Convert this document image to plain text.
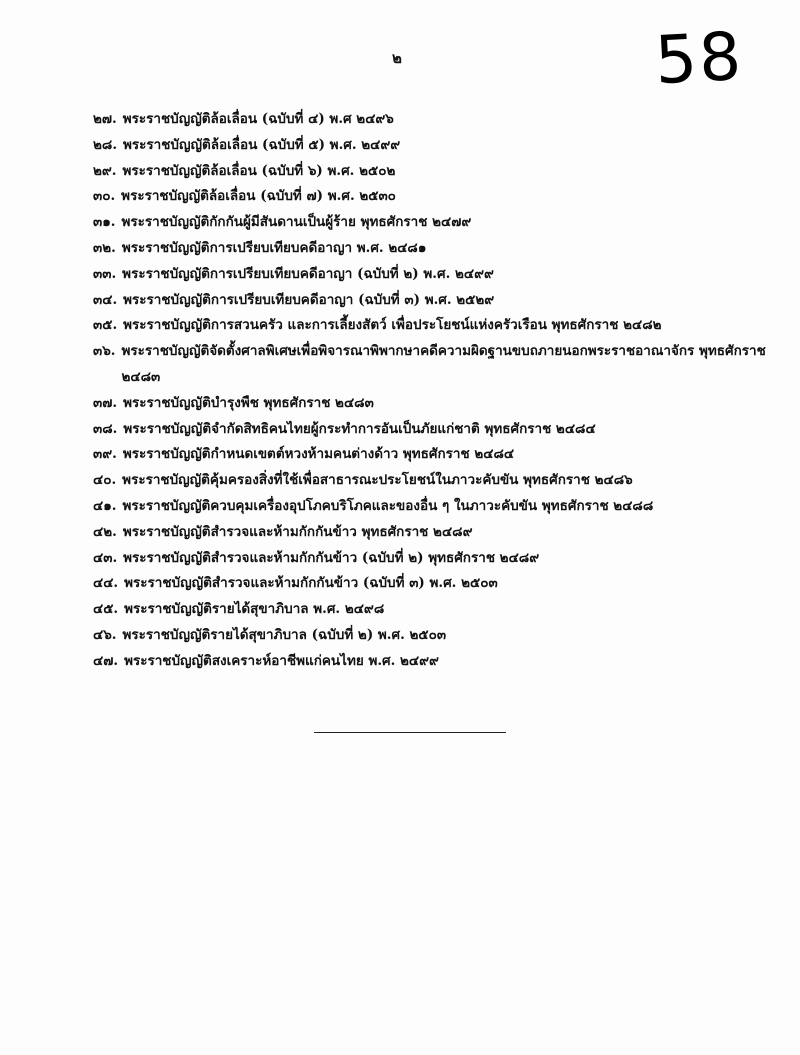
๒	58
๒๗. พระราชบัญญัติล้อเลื่อน (ฉบับที่ ๔) พ.ศ ๒๔๙๖
๒๘. พระราชบัญญัติล้อเลื่อน (ฉบับที่ ๕) พ.ศ. ๒๔๙๙
๒๙. พระราชบัญญัติล้อเลื่อน (ฉบับที่ ๖) พ.ศ. ๒๕๐๒
๓๐. พระราชบัญญัติล้อเลื่อน (ฉบับที่ ๗) พ.ศ. ๒๕๓๐
๓๑. พระราชบัญญัติกักกันผู้มีสันดานเป็นผู้ร้าย พุทธศักราช ๒๔๗๙
๓๒. พระราชบัญญัติการเปรียบเทียบคดีอาญา พ.ศ. ๒๔๘๑
๓๓. พระราชบัญญัติการเปรียบเทียบคดีอาญา (ฉบับที่ ๒) พ.ศ. ๒๔๙๙
๓๔. พระราชบัญญัติการเปรียบเทียบคดีอาญา (ฉบับที่ ๓) พ.ศ. ๒๕๒๙
๓๕. พระราชบัญญัติการสวนครัว และการเลี้ยงสัตว์ เพื่อประโยชน์แห่งครัวเรือน พุทธศักราช ๒๔๘๒
๓๖. พระราชบัญญัติจัดตั้งศาลพิเศษเพื่อพิจารณาพิพากษาคดีความผิดฐานขบถภายนอกพระราชอาณาจักร พุทธศักราช ๒๔๘๓
๓๗. พระราชบัญญัติบำรุงพืช พุทธศักราช ๒๔๘๓
๓๘. พระราชบัญญัติจำกัดสิทธิคนไทยผู้กระทำการอันเป็นภัยแก่ชาติ พุทธศักราช ๒๔๘๔
๓๙. พระราชบัญญัติกำหนดเขตต์หวงห้ามคนต่างด้าว พุทธศักราช ๒๔๘๔
๔๐. พระราชบัญญัติคุ้มครองสิ่งที่ใช้เพื่อสาธารณะประโยชน์ในภาวะคับขัน พุทธศักราช ๒๔๘๖
๔๑. พระราชบัญญัติควบคุมเครื่องอุปโภคบริโภคและของอื่น ๆ ในภาวะคับขัน พุทธศักราช ๒๔๘๘
๔๒. พระราชบัญญัติสำรวจและห้ามกักกันข้าว พุทธศักราช ๒๔๘๙
๔๓. พระราชบัญญัติสำรวจและห้ามกักกันข้าว (ฉบับที่ ๒) พุทธศักราช ๒๔๘๙
๔๔. พระราชบัญญัติสำรวจและห้ามกักกันข้าว (ฉบับที่ ๓) พ.ศ. ๒๕๐๓
๔๕. พระราชบัญญัติรายได้สุขาภิบาล พ.ศ. ๒๔๙๘
๔๖. พระราชบัญญัติรายได้สุขาภิบาล (ฉบับที่ ๒) พ.ศ. ๒๕๐๓
๔๗. พระราชบัญญัติสงเคราะห์อาชีพแก่คนไทย พ.ศ. ๒๔๙๙
